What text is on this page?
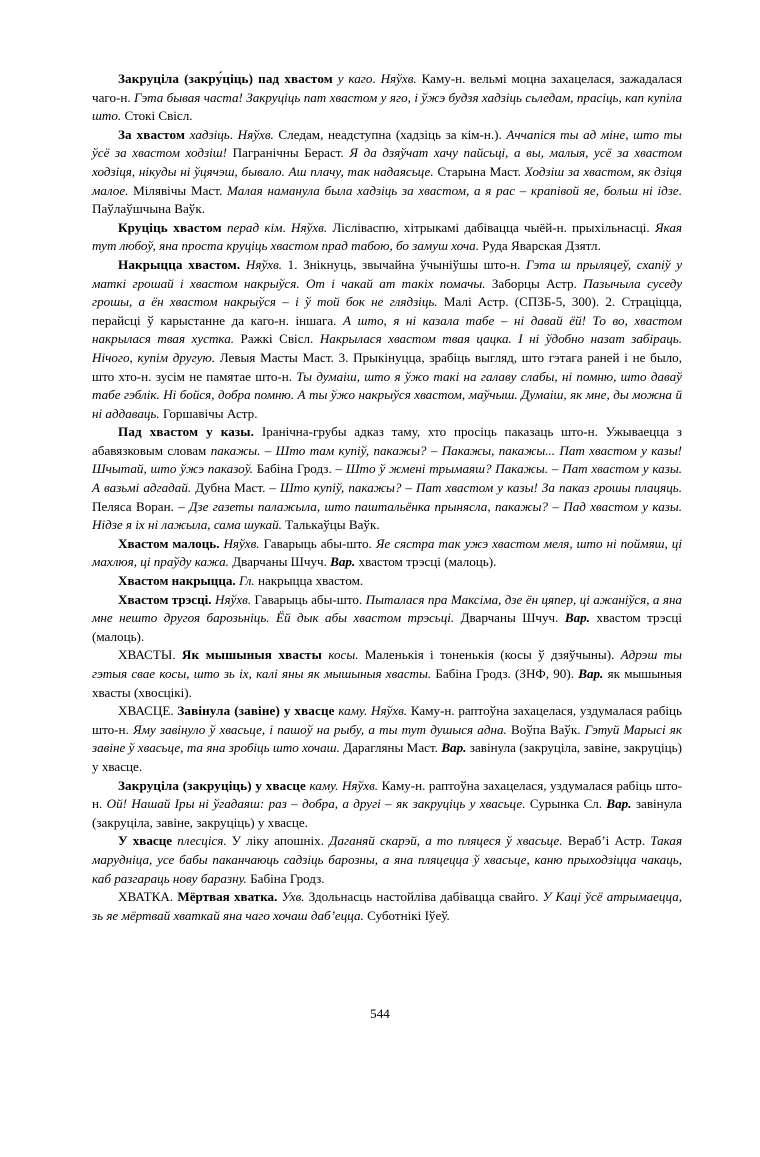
Закруціла (закру́ціць) пад хвастом у каго. Няўхв. Каму-н. вельмі моцна захацелася, зажадалася чаго-н. Гэта бывая часта! Закруціць пат хвастом у яго, і ўжэ будзя хадзіць сьледам, прасіць, кап купіла што. Стокі Свісл.

За хвастом хадзіць. Няўхв. Следам, неадступна (хадзіць за кім-н.). Аччапіся ты ад міне, што ты ўсё за хвастом ходзіш! Пагранічны Бераст. Я да дзяўчат хачу пайсьці, а вы, малыя, усё за хвастом ходзіця, нікуды ні ўцячэш, бывало. Аш плачу, так надаясьце. Старына Маст. Ходзіш за хвастом, як дзіця малое. Мілявічы Маст. Малая наманула была хадзіць за хвастом, а я рас – крапівой яе, больш ні ідзе. Паўлаўшчына Ваўк.

Круціць хвастом перад кім. Няўхв. Лісліваспю, хітрыкамі дабівацца чыёй-н. прыхільнасці. Якая тут любоў, яна проста круціць хвастом прад табою, бо замуш хоча. Руда Яварская Дзятл.

Накрыцца хвастом. Няўхв. 1. Знікнуць, звычайна ўчыніўшы што-н. Гэта ш прыляцеў, схапіў у маткі грошай і хвастом накрыўся. От і чакай ат такіх помачы. Заборцы Астр. Пазычыла суседу грошы, а ён хвастом накрыўся – і ў той бок не глядзіць. Малі Астр. (СПЗБ-5, 300). 2. Страціцца, перайсці ў карыстанне да каго-н. іншага. А што, я ні казала табе – ні давай ёй! То во, хвастом накрылася твая хустка. Ражкі Свісл. Накрылася хвастом твая цацка. І ні ўдобно назат забіраць. Нічого, купім другую. Левыя Масты Маст. 3. Прыкінуцца, зрабіць выгляд, што гэтага раней і не было, што хто-н. зусім не памятае што-н. Ты думаіш, што я ўжо такі на галаву слабы, ні помню, што даваў табе гэблік. Ні бойся, добра помню. А ты ўжо накрыўся хвастом, маўчыш. Думаіш, як мне, ды можна й ні аддаваць. Горшавічы Астр.

Пад хвастом у казы. Іранічна-грубы адказ таму, хто просіць паказаць што-н. Ужываецца з абавязковым словам пакажы. – Што там купіў, пакажы? – Пакажы, пакажы... Пат хвастом у казы! Шчытай, што ўжэ паказоў. Бабіна Гродз. – Што ў жмені трымаяш? Пакажы. – Пат хвастом у казы. А вазьмі адгадай. Дубна Маст. – Што купіў, пакажы? – Пат хвастом у казы! За паказ грошы плацяць. Пеляса Воран. – Дзе газеты палажыла, што паштальёнка прынясла, пакажы? – Пад хвастом у казы. Нідзе я іх ні лажыла, сама шукай. Талькаўцы Ваўк.

Хвастом малоць. Няўхв. Гаварыць абы-што. Яе сястра так ужэ хвастом меля, што ні поймяш, ці махлюя, ці праўду кажа. Дварчаны Шчуч. Вар. хвастом трэсці (малоць).

Хвастом накрыцца. Гл. накрыцца хвастом.

Хвастом трэсці. Няўхв. Гаварыць абы-што. Пыталася пра Максіма, дзе ён цяпер, ці ажаніўся, а яна мне нешто другоя барозьніць. Ёй дык абы хвастом трэсьці. Дварчаны Шчуч. Вар. хвастом трэсці (малоць).

ХВАСТЫ. Як мышыныя хвасты косы. Маленькія і тоненькія (косы ў дзяўчыны). Адрэш ты гэтыя свае косы, што зь іх, калі яны як мышыныя хвасты. Бабіна Гродз. (ЗНФ, 90). Вар. як мышыныя хвасты (хвосцікі).

ХВАСЦЕ. Завінула (завіне) у хвасце каму. Няўхв. Каму-н. раптоўна захацелася, уздумалася рабіць што-н. Яму завінуло ў хвасьце, і пашоў на рыбу, а ты тут душыся адна. Воўпа Ваўк. Гэтуй Марысі як завіне ў хвасьце, та яна зробіць што хочаш. Дарагляны Маст. Вар. завінула (закруціла, завіне, закруціць) у хвасце.

Закруціла (закруціць) у хвасце каму. Няўхв. Каму-н. раптоўна захацелася, уздумалася рабіць што-н. Ой! Нашай Іры ні ўгадаяш: раз – добра, а другі – як закруціць у хвасьце. Сурынка Сл. Вар. завінула (закруціла, завіне, закруціць) у хвасце.

У хвасце плесціся. У ліку апошніх. Даганяй скарэй, а то пляцеся ў хвасьце. Верабʼі Астр. Такая марудніца, усе бабы паканчаюць садзіць барозны, а яна пляцецца ў хвасьце, каню прыходзіцца чакаць, каб разгараць нову баразну. Бабіна Гродз.

ХВАТКА. Мёртвая хватка. Ухв. Здольнасць настойліва дабівацца свайго. У Каці ўсё атрымаецца, зь яе мёртвай хваткай яна чаго хочаш дабʼецца. Суботнікі Іўеў.

544
